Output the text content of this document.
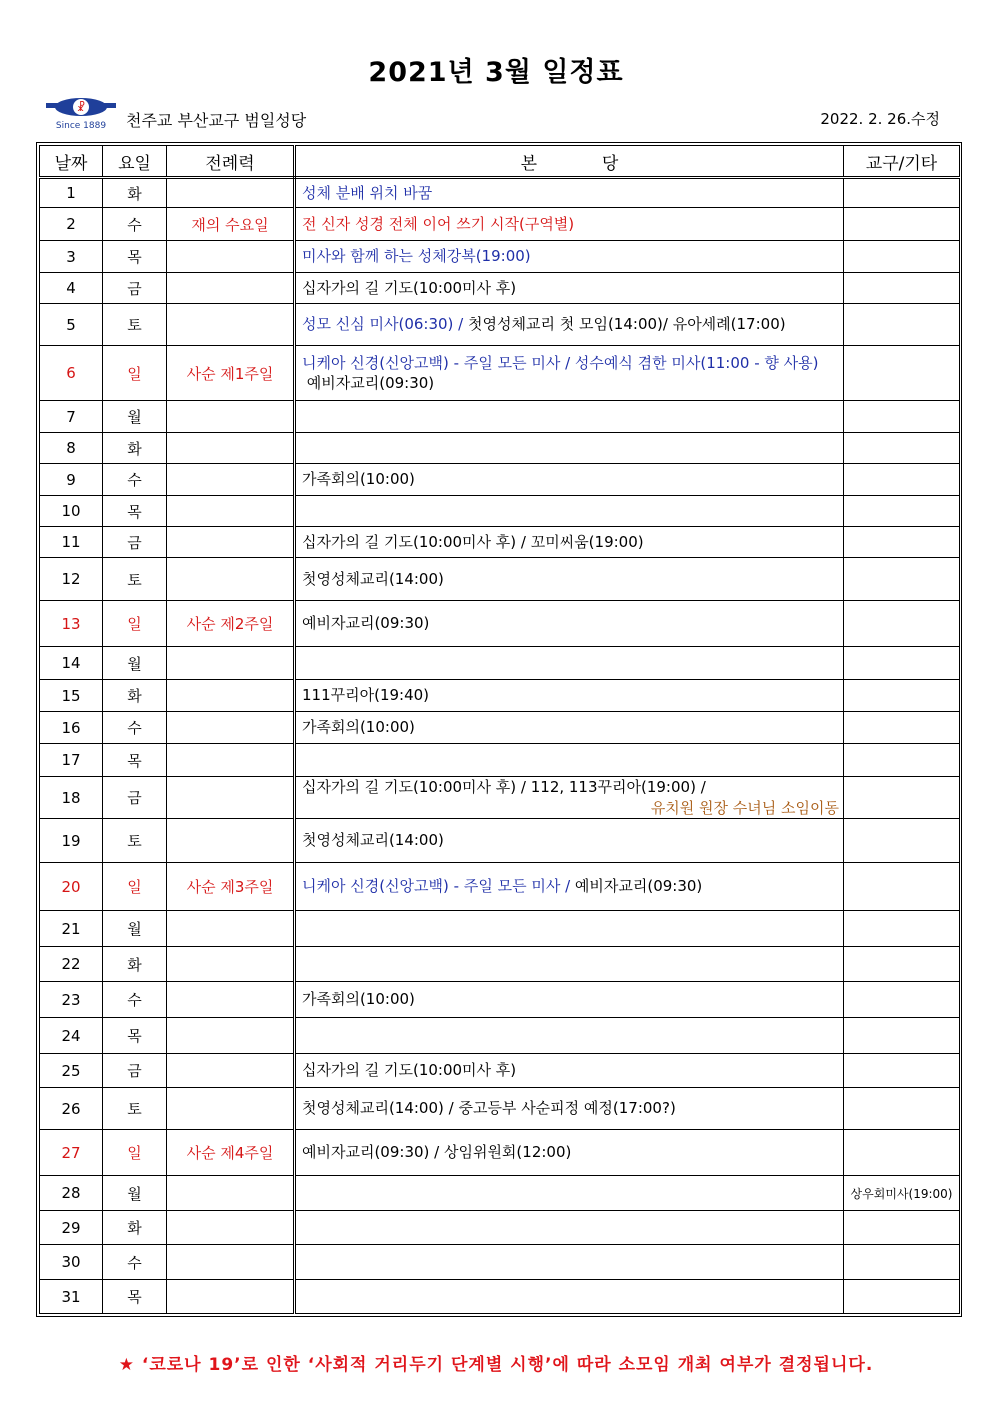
2021년 3월 일정표
☧
Since 1889 천주교 부산교구 범일성당	2022. 2. 26.수정
날짜	요일	전례력	본            당	교구/기타
1	화		성체 분배 위치 바꿈	
2	수	재의 수요일	전 신자 성경 전체 이어 쓰기 시작(구역별)	
3	목		미사와 함께 하는 성체강복(19:00)	
4	금		십자가의 길 기도(10:00미사 후)	
5	토		성모 신심 미사(06:30) / 첫영성체교리 첫 모임(14:00)/ 유아세례(17:00)	
6	일	사순 제1주일	니케아 신경(신앙고백) - 주일 모든 미사 / 성수예식 겸한 미사(11:00 - 향 사용)
예비자교리(09:30)	
7	월			
8	화			
9	수		가족회의(10:00)	
10	목			
11	금		십자가의 길 기도(10:00미사 후) / 꼬미씨움(19:00)	
12	토		첫영성체교리(14:00)	
13	일	사순 제2주일	예비자교리(09:30)	
14	월			
15	화		111꾸리아(19:40)	
16	수		가족회의(10:00)	
17	목			
18	금		십자가의 길 기도(10:00미사 후) / 112, 113꾸리아(19:00) /

유치원 원장 수녀님 소임이동	

19	토		첫영성체교리(14:00)	
20	일	사순 제3주일	니케아 신경(신앙고백) - 주일 모든 미사 / 예비자교리(09:30)	
21	월			
22	화			
23	수		가족회의(10:00)	
24	목			
25	금		십자가의 길 기도(10:00미사 후)	
26	토		첫영성체교리(14:00) / 중고등부 사순피정 예정(17:00?)	
27	일	사순 제4주일	예비자교리(09:30) / 상임위원회(12:00)	
28	월			상우회미사(19:00)
29	화			
30	수			
31	목			
★ ‘코로나 19’로 인한 ‘사회적 거리두기 단계별 시행’에 따라 소모임 개최 여부가 결정됩니다.
